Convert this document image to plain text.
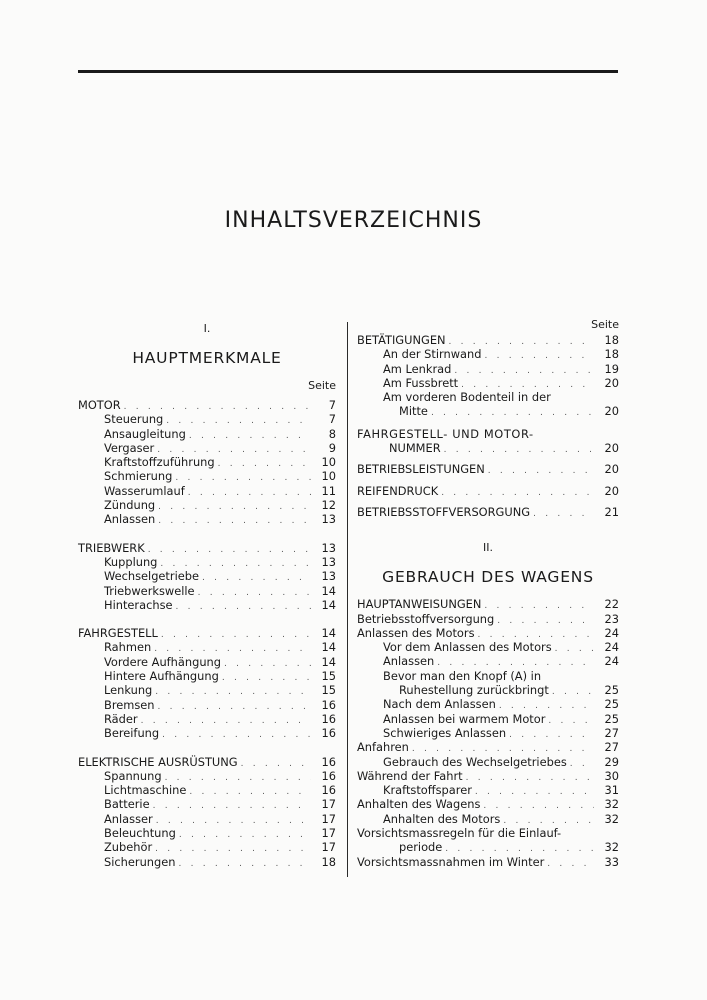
INHALTSVERZEICHNIS
I.
HAUPTMERKMALE
Seite
MOTOR . . .	7
Steuerung . . .	7
Ansaugleitung . . .	8
Vergaser . . .	9
Kraftstoffzuführung . . .	10
Schmierung . . .	10
Wasserumlauf . . .	11
Zündung . . .	12
Anlassen . . .	13
TRIEBWERK . . .	13
Kupplung . . .	13
Wechselgetriebe . . .	13
Triebwerkswelle . . .	14
Hinterachse . . .	14
FAHRGESTELL . . .	14
Rahmen . . .	14
Vordere Aufhängung . . .	14
Hintere Aufhängung . . .	15
Lenkung . . .	15
Bremsen . . .	16
Räder . . .	16
Bereifung . . .	16
ELEKTRISCHE AUSRÜSTUNG . . .	16
Spannung . . .	16
Lichtmaschine . . .	16
Batterie . . .	17
Anlasser . . .	17
Beleuchtung . . .	17
Zubehör . . .	17
Sicherungen . . .	18
Seite
BETÄTIGUNGEN . . .	18
An der Stirnwand . . .	18
Am Lenkrad . . .	19
Am Fussbrett . . .	20
Am vorderen Bodenteil in der
Mitte . . .	20
FAHRGESTELL- UND MOTOR-
NUMMER . . .	20
BETRIEBSLEISTUNGEN . . .	20
REIFENDRUCK . . .	20
BETRIEBSSTOFFVERSORGUNG . . .	21
II.
GEBRAUCH DES WAGENS
HAUPTANWEISUNGEN . . .	22
Betriebsstoffversorgung . . .	23
Anlassen des Motors . . .	24
Vor dem Anlassen des Motors . . .	24
Anlassen . . .	24
Bevor man den Knopf (A) in
Ruhestellung zurückbringt . . .	25
Nach dem Anlassen . . .	25
Anlassen bei warmem Motor . . .	25
Schwieriges Anlassen . . .	27
Anfahren . . .	27
Gebrauch des Wechselgetriebes . . .	29
Während der Fahrt . . .	30
Kraftstoffsparer . . .	31
Anhalten des Wagens . . .	32
Anhalten des Motors . . .	32
Vorsichtsmassregeln für die Einlauf-
periode . . .	32
Vorsichtsmassnahmen im Winter . . .	33
